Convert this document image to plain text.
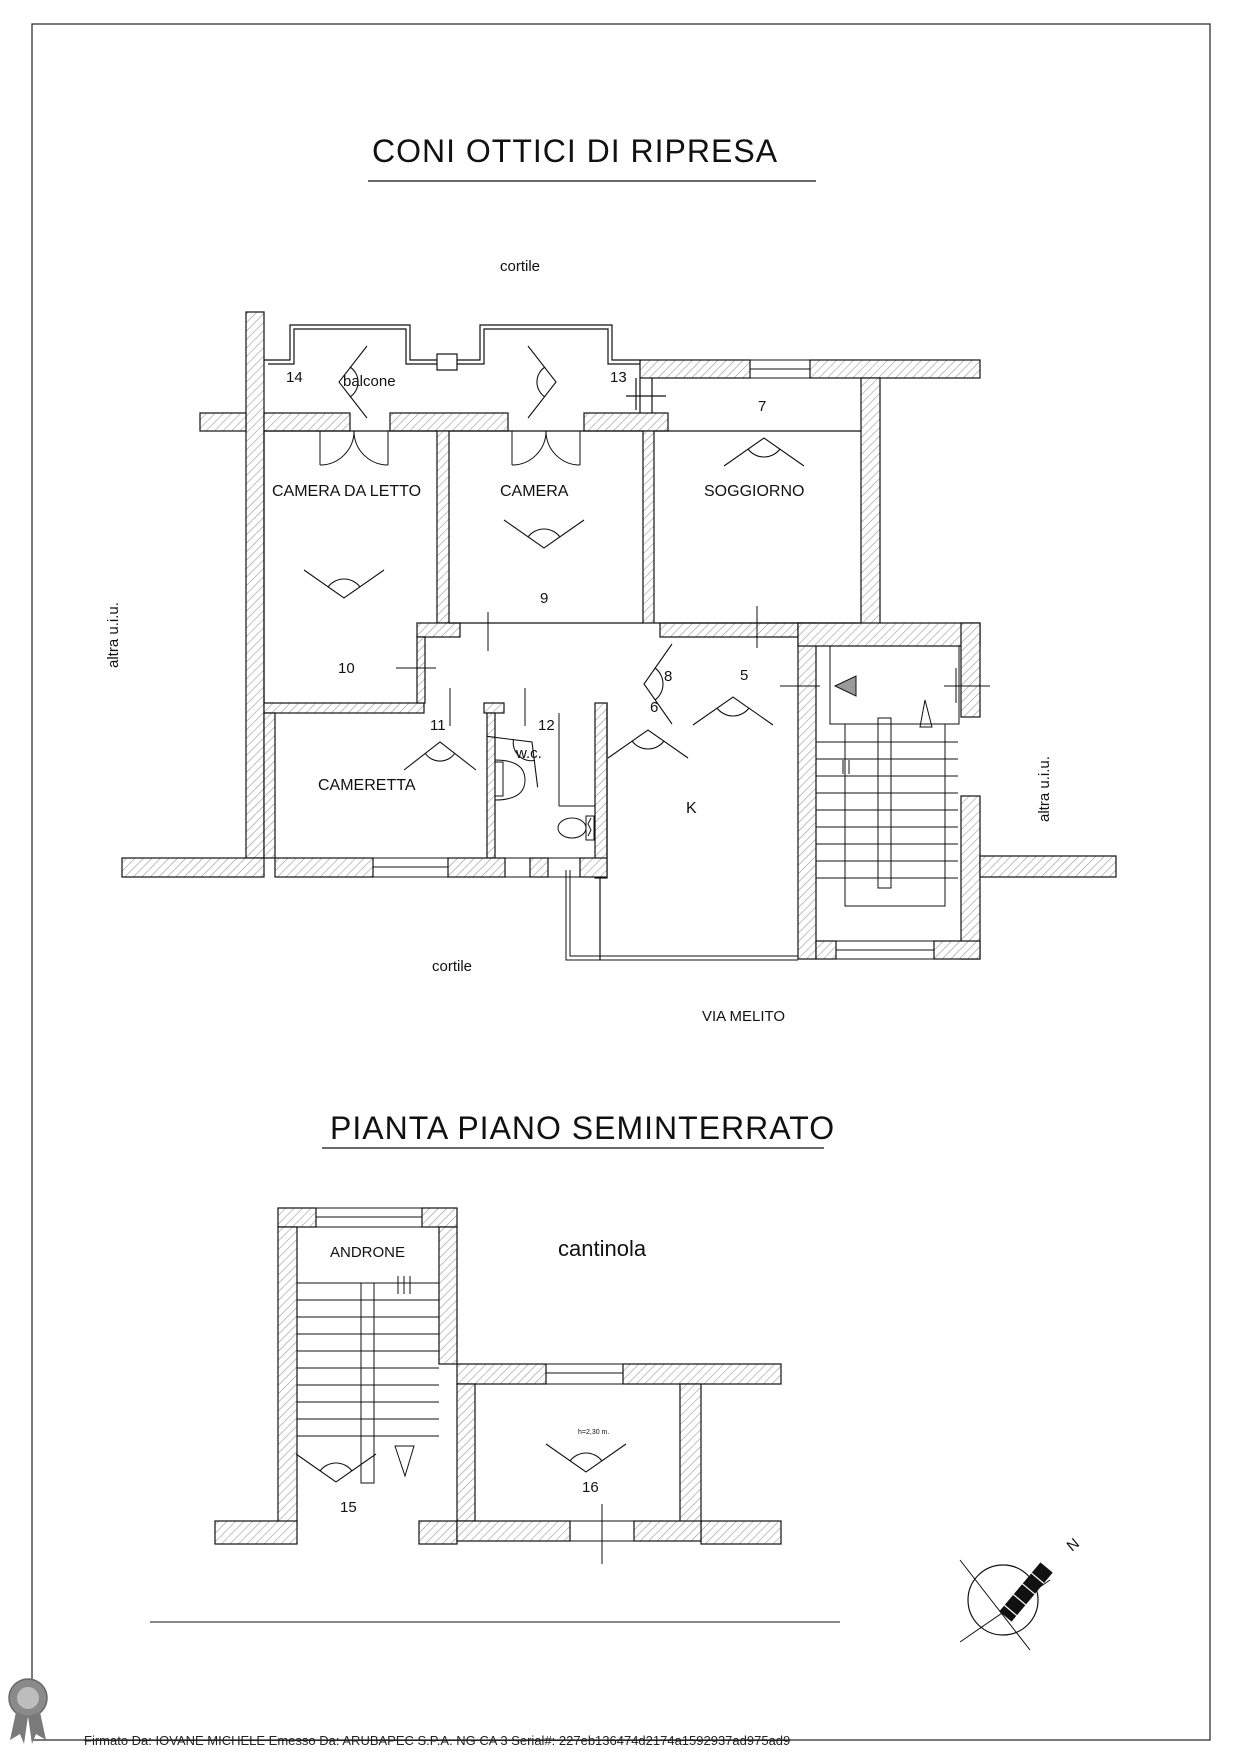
CONI OTTICI DI RIPRESA
PIANTA PIANO SEMINTERRATO
cortile
cortile
altra u.i.u.
altra u.i.u.
VIA MELITO
balcone
CAMERA DA LETTO	CAMERA	SOGGIORNO
CAMERETTA
w.c.
K
5
6
7
8
9
10
11	12
13
14
ANDRONE	cantinola
h=2,30 m.
15
16
N

Firmato Da: IOVANE MICHELE Emesso Da: ARUBAPEC S.P.A. NG CA 3 Serial#: 227eb136474d2174a1592937ad975ad9
